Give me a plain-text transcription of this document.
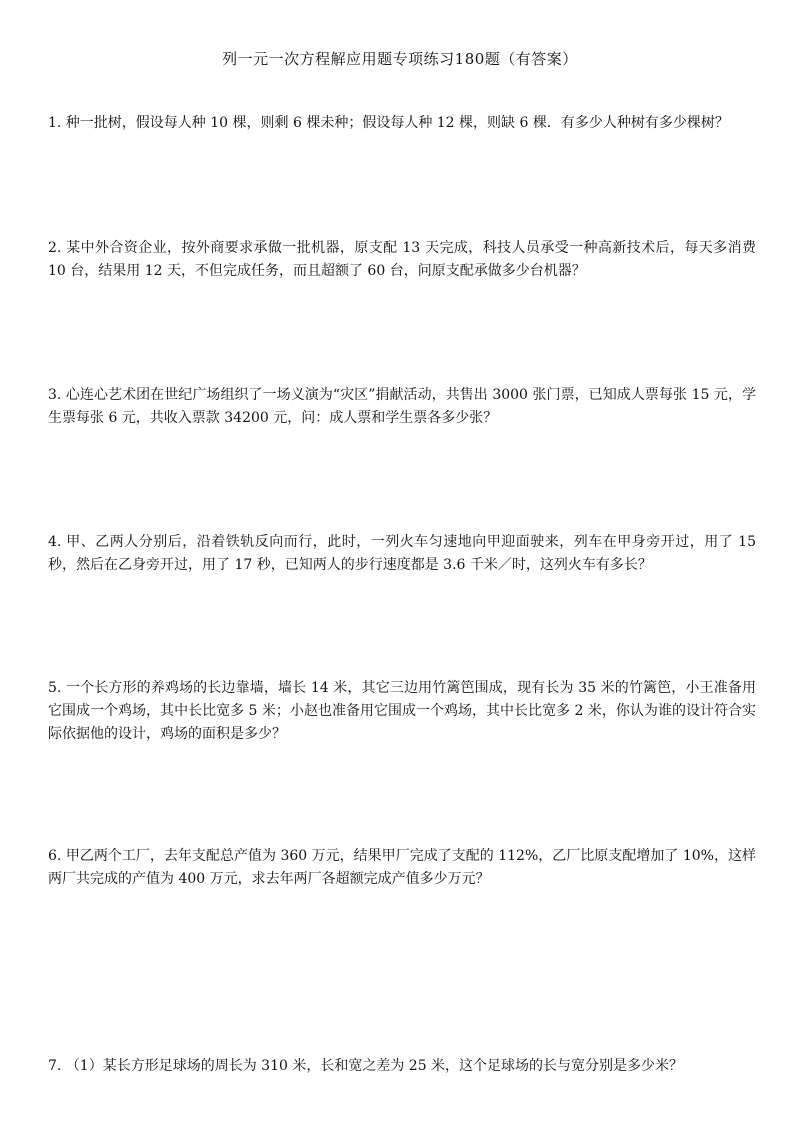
列一元一次方程解应用题专项练习180题（有答案）
1. 种一批树，假设每人种 10 棵，则剩 6 棵未种；假设每人种 12 棵，则缺 6 棵．有多少人种树有多少棵树？
2. 某中外合资企业，按外商要求承做一批机器，原支配 13 天完成，科技人员承受一种高新技术后，每天多消费 10 台，结果用 12 天，不但完成任务，而且超额了 60 台，问原支配承做多少台机器？
3. 心连心艺术团在世纪广场组织了一场义演为“灾区”捐献活动，共售出 3000 张门票，已知成人票每张 15 元，学生票每张 6 元，共收入票款 34200 元，问：成人票和学生票各多少张？
4. 甲、乙两人分别后，沿着铁轨反向而行，此时，一列火车匀速地向甲迎面驶来，列车在甲身旁开过，用了 15 秒，然后在乙身旁开过，用了 17 秒，已知两人的步行速度都是 3.6 千米／时，这列火车有多长？
5. 一个长方形的养鸡场的长边靠墙，墙长 14 米，其它三边用竹篱笆围成，现有长为 35 米的竹篱笆，小王准备用它围成一个鸡场，其中长比宽多 5 米；小赵也准备用它围成一个鸡场，其中长比宽多 2 米，你认为谁的设计符合实际依据他的设计，鸡场的面积是多少？
6. 甲乙两个工厂，去年支配总产值为 360 万元，结果甲厂完成了支配的 112%，乙厂比原支配增加了 10%，这样两厂共完成的产值为 400 万元，求去年两厂各超额完成产值多少万元？
7. （1）某长方形足球场的周长为 310 米，长和宽之差为 25 米，这个足球场的长与宽分别是多少米？
